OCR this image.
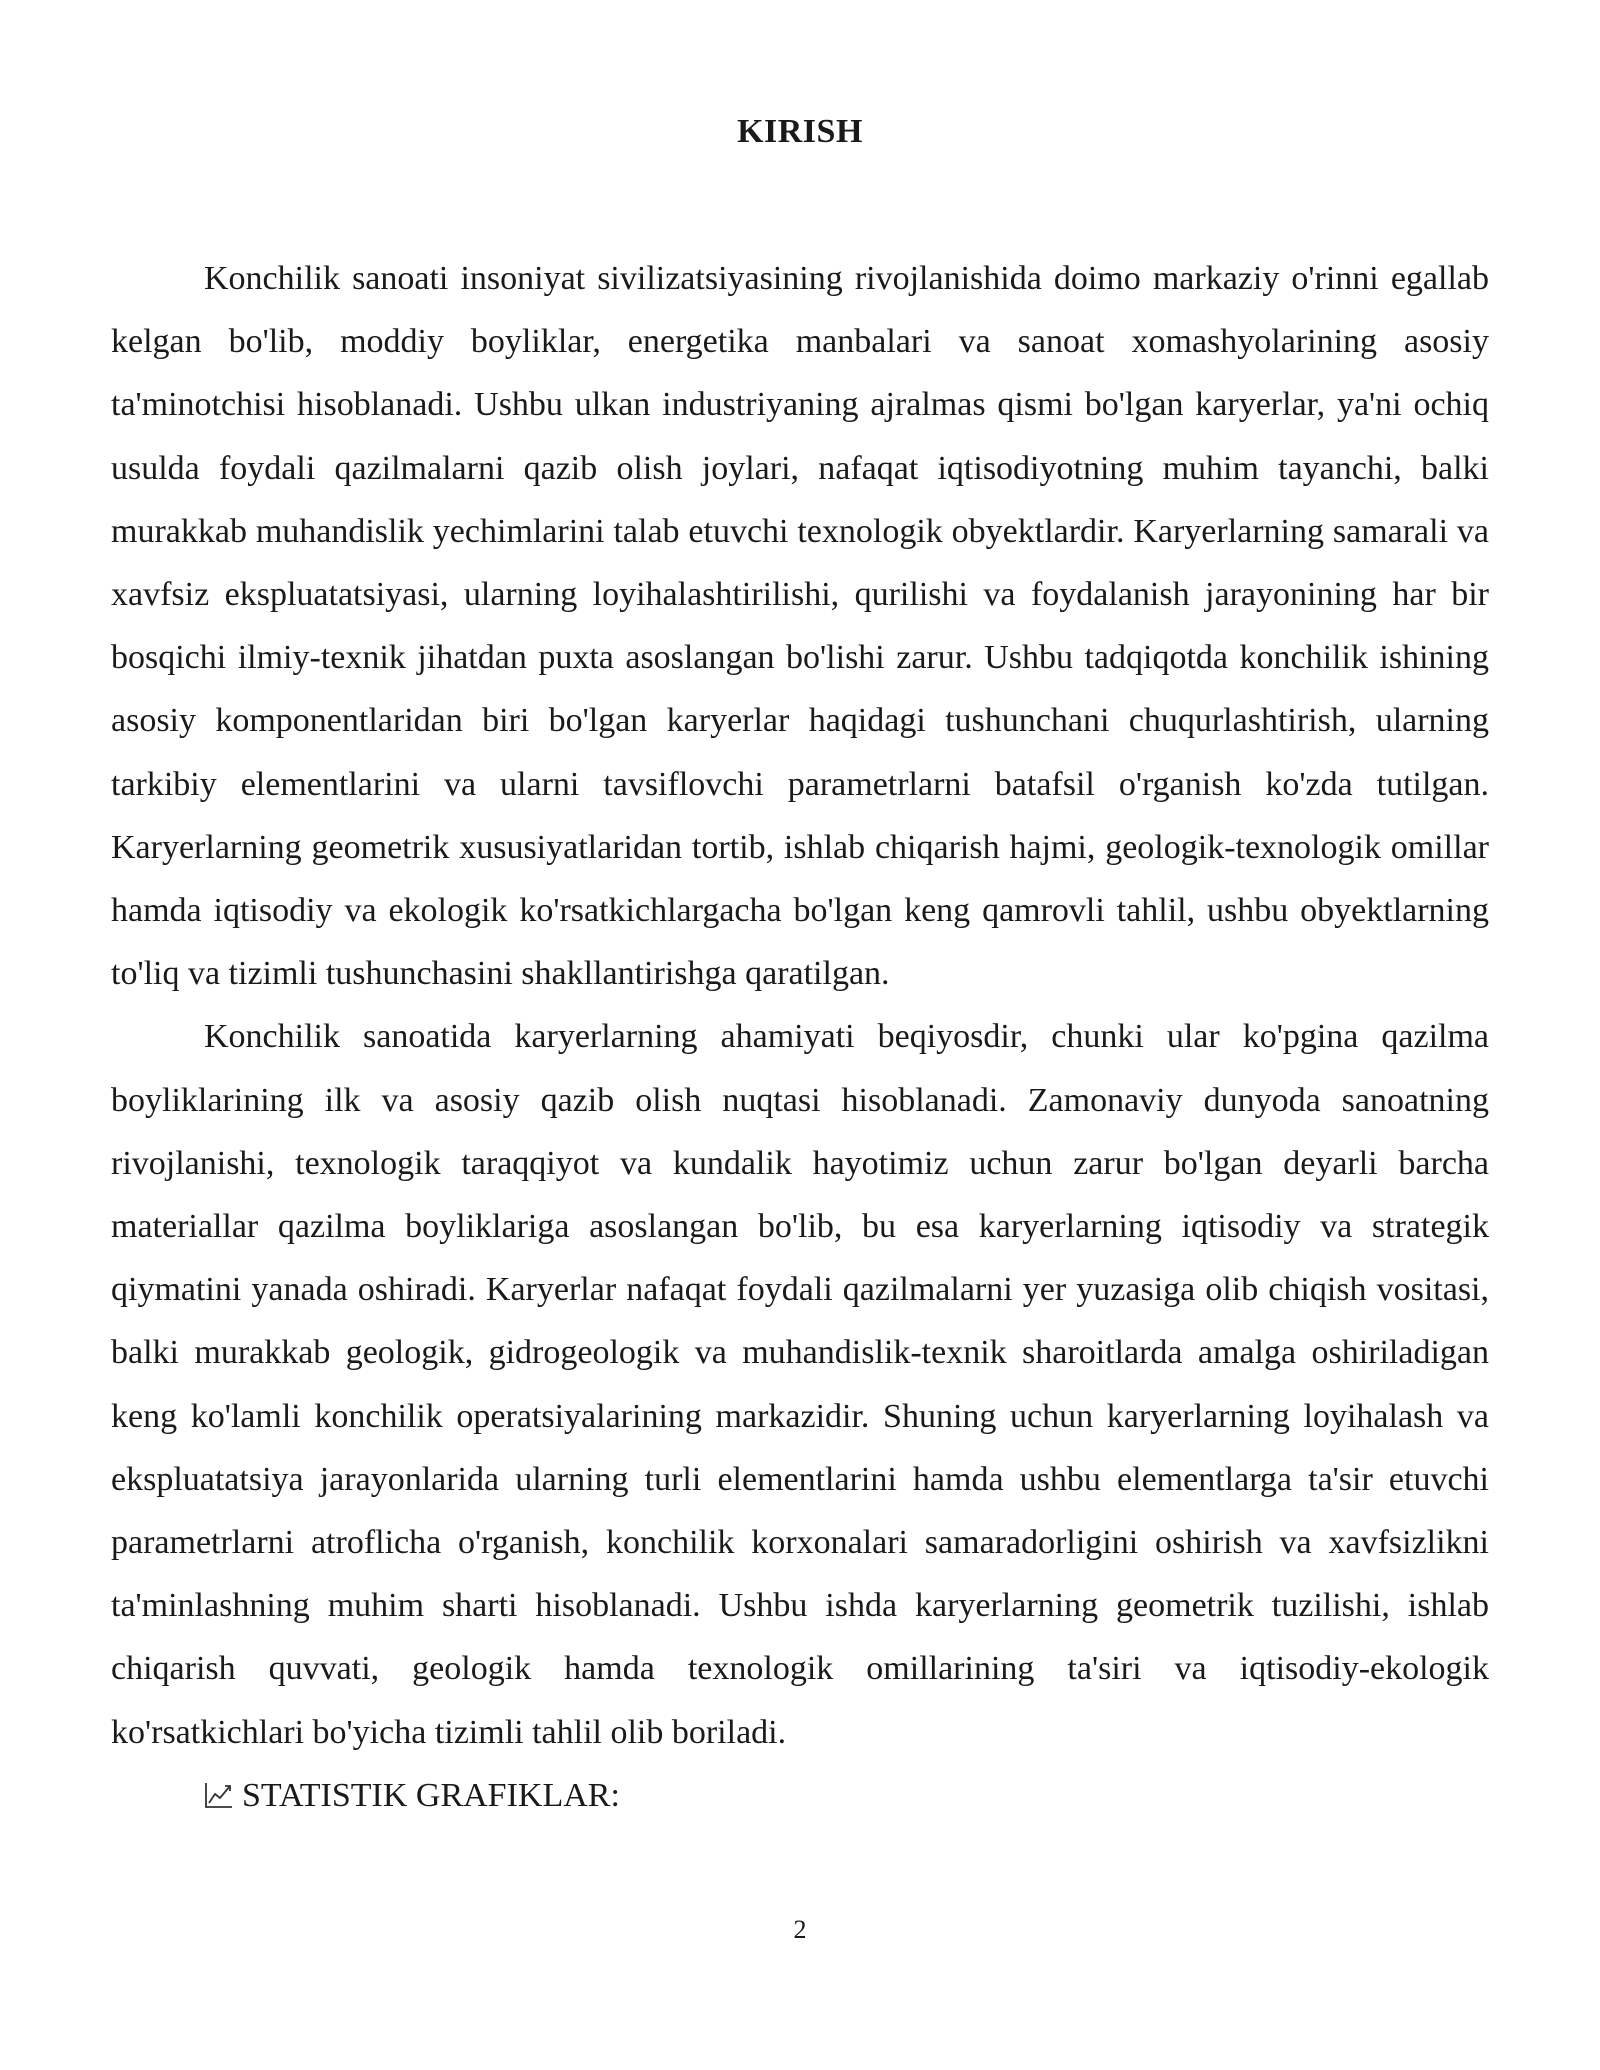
KIRISH

Konchilik sanoati insoniyat sivilizatsiyasining rivojlanishida doimo markaziy o'rinni egallab kelgan bo'lib, moddiy boyliklar, energetika manbalari va sanoat xomashyolarining asosiy ta'minotchisi hisoblanadi. Ushbu ulkan industriyaning ajralmas qismi bo'lgan karyerlar, ya'ni ochiq usulda foydali qazilmalarni qazib olish joylari, nafaqat iqtisodiyotning muhim tayanchi, balki murakkab muhandislik yechimlarini talab etuvchi texnologik obyektlardir. Karyerlarning samarali va xavfsiz ekspluatatsiyasi, ularning loyihalashtirilishi, qurilishi va foydalanish jarayonining har bir bosqichi ilmiy-texnik jihatdan puxta asoslangan bo'lishi zarur. Ushbu tadqiqotda konchilik ishining asosiy komponentlaridan biri bo'lgan karyerlar haqidagi tushunchani chuqurlashtirish, ularning tarkibiy elementlarini va ularni tavsiflovchi parametrlarni batafsil o'rganish ko'zda tutilgan. Karyerlarning geometrik xususiyatlaridan tortib, ishlab chiqarish hajmi, geologik-texnologik omillar hamda iqtisodiy va ekologik ko'rsatkichlargacha bo'lgan keng qamrovli tahlil, ushbu obyektlarning to'liq va tizimli tushunchasini shakllantirishga qaratilgan.

Konchilik sanoatida karyerlarning ahamiyati beqiyosdir, chunki ular ko'pgina qazilma boyliklarining ilk va asosiy qazib olish nuqtasi hisoblanadi. Zamonaviy dunyoda sanoatning rivojlanishi, texnologik taraqqiyot va kundalik hayotimiz uchun zarur bo'lgan deyarli barcha materiallar qazilma boyliklariga asoslangan bo'lib, bu esa karyerlarning iqtisodiy va strategik qiymatini yanada oshiradi. Karyerlar nafaqat foydali qazilmalarni yer yuzasiga olib chiqish vositasi, balki murakkab geologik, gidrogeologik va muhandislik-texnik sharoitlarda amalga oshiriladigan keng ko'lamli konchilik operatsiyalarining markazidir. Shuning uchun karyerlarning loyihalash va ekspluatatsiya jarayonlarida ularning turli elementlarini hamda ushbu elementlarga ta'sir etuvchi parametrlarni atroflicha o'rganish, konchilik korxonalari samaradorligini oshirish va xavfsizlikni ta'minlashning muhim sharti hisoblanadi. Ushbu ishda karyerlarning geometrik tuzilishi, ishlab chiqarish quvvati, geologik hamda texnologik omillarining ta'siri va iqtisodiy-ekologik ko'rsatkichlari bo'yicha tizimli tahlil olib boriladi.

STATISTIK GRAFIKLAR:

2
